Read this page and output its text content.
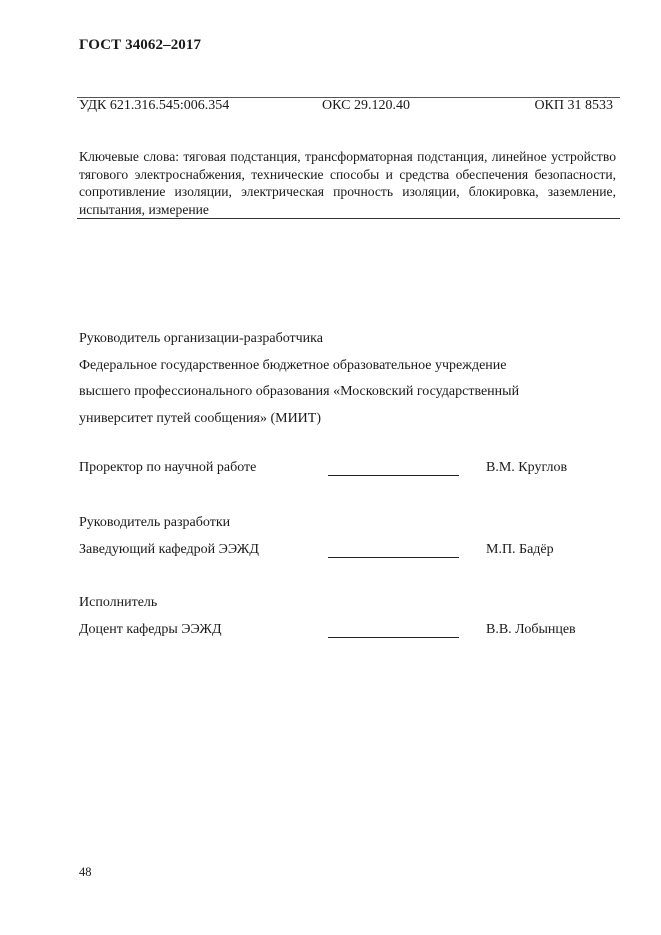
ГОСТ 34062–2017
УДК 621.316.545:006.354	ОКС 29.120.40	ОКП 31 8533
Ключевые слова: тяговая подстанция, трансформаторная подстанция, линейное устройство тягового электроснабжения, технические способы и средства обеспечения безопасности, сопротивление изоляции, электрическая прочность изоляции, блокировка, заземление, испытания, измерение
Руководитель организации-разработчика
Федеральное государственное бюджетное образовательное учреждение
высшего профессионального образования «Московский государственный
университет путей сообщения» (МИИТ)
Проректор по научной работе	В.М. Круглов
Руководитель разработки
Заведующий кафедрой ЭЭЖД	М.П. Бадёр
Исполнитель
Доцент кафедры ЭЭЖД	В.В. Лобынцев
48
